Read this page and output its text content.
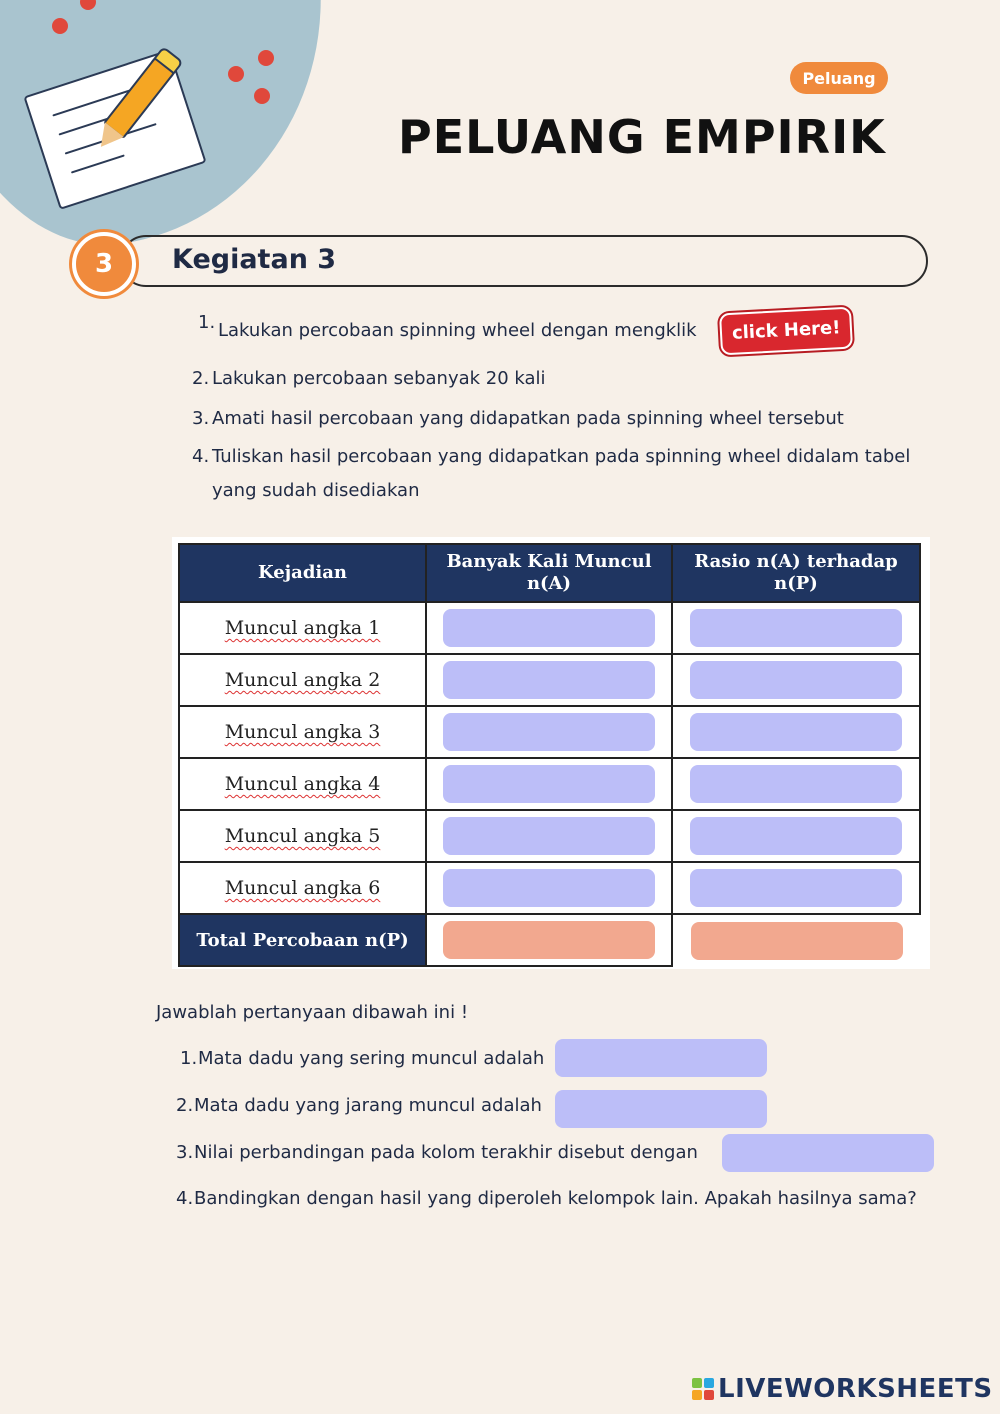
Peluang
PELUANG EMPIRIK
3	Kegiatan 3
1. Lakukan percobaan spinning wheel dengan mengklik click Here!
2. Lakukan percobaan sebanyak 20 kali
3. Amati hasil percobaan yang didapatkan pada spinning wheel tersebut
4. Tuliskan hasil percobaan yang didapatkan pada spinning wheel didalam tabel yang sudah disediakan
Kejadian	Banyak Kali Muncul n(A)	Rasio n(A) terhadap n(P)
Muncul angka 1	

Muncul angka 2	

Muncul angka 3	

Muncul angka 4	

Muncul angka 5	

Muncul angka 6	

Total Percobaan n(P)	

Jawablah pertanyaan dibawah ini !

1. Mata dadu yang sering muncul adalah
2. Mata dadu yang jarang muncul adalah
3. Nilai perbandingan pada kolom terakhir disebut dengan
4. Bandingkan dengan hasil yang diperoleh kelompok lain. Apakah hasilnya sama?
LIVEWORKSHEETS
